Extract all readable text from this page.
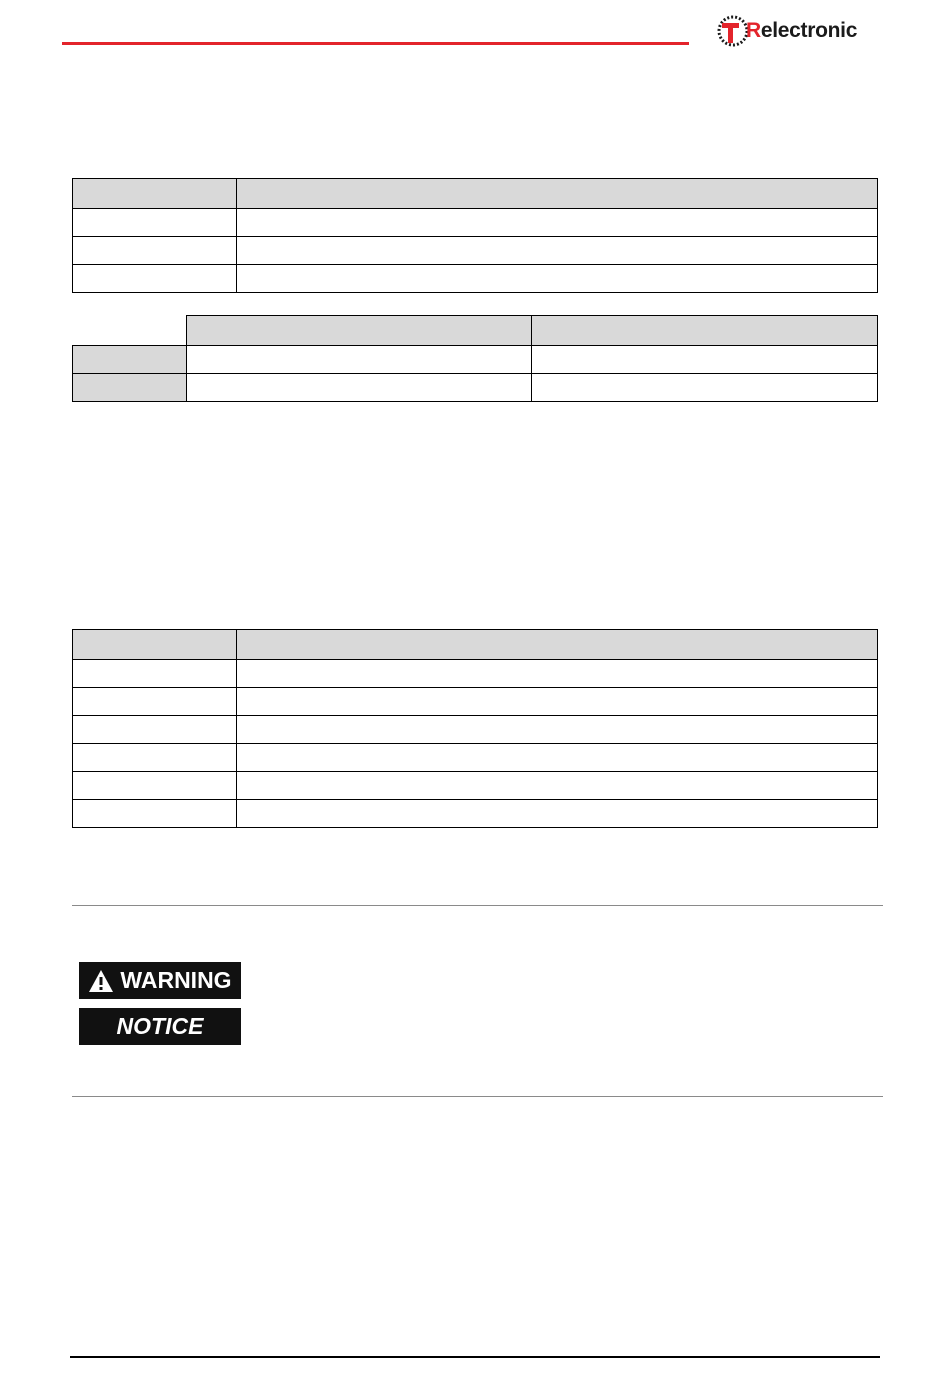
Relectronic

WARNING
NOTICE
